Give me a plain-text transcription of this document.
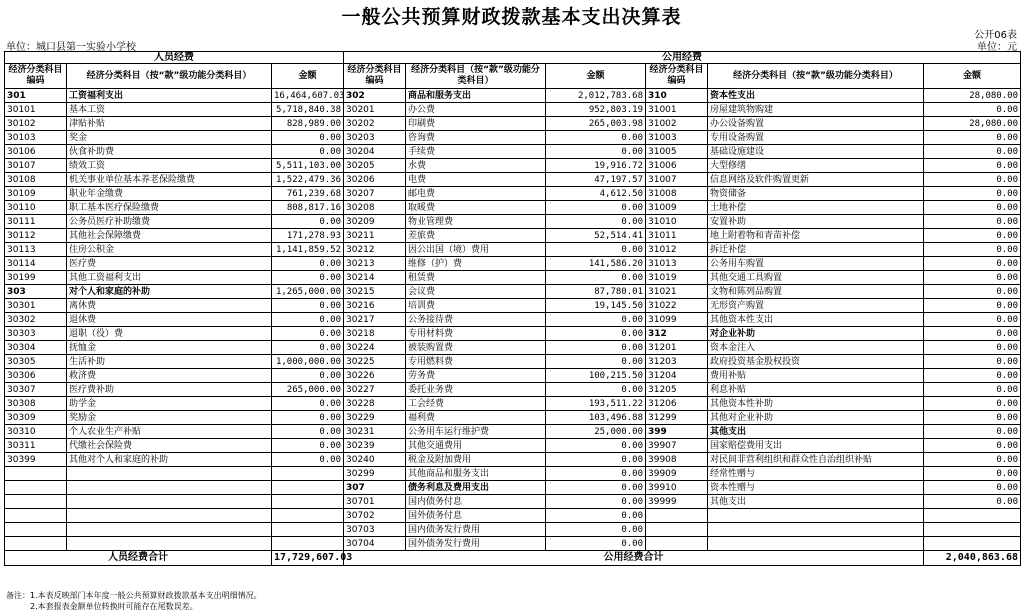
一般公共预算财政拨款基本支出决算表
公开06表
单位：城口县第一实验小学校	单位：元
人员经费			公用经费					
经济分类科目编码	经济分类科目（按“款”级功能分类科目）	金额	经济分类科目编码	经济分类科目（按“款”级功能分类科目）	金额	经济分类科目编码	经济分类科目（按“款”级功能分类科目）	金额
301	工资福利支出	16,464,607.03	302	商品和服务支出	2,012,783.68	310	资本性支出	28,080.00
30101	基本工资	5,718,840.38	30201	办公费	952,803.19	31001	房屋建筑物购建	0.00
30102	津贴补贴	828,989.00	30202	印刷费	265,003.98	31002	办公设备购置	28,080.00
30103	奖金	0.00	30203	咨询费	0.00	31003	专用设备购置	0.00
30106	伙食补助费	0.00	30204	手续费	0.00	31005	基础设施建设	0.00
30107	绩效工资	5,511,103.00	30205	水费	19,916.72	31006	大型修缮	0.00
30108	机关事业单位基本养老保险缴费	1,522,479.36	30206	电费	47,197.57	31007	信息网络及软件购置更新	0.00
30109	职业年金缴费	761,239.68	30207	邮电费	4,612.50	31008	物资储备	0.00
30110	职工基本医疗保险缴费	808,817.16	30208	取暖费	0.00	31009	土地补偿	0.00
30111	公务员医疗补助缴费	0.00	30209	物业管理费	0.00	31010	安置补助	0.00
30112	其他社会保障缴费	171,278.93	30211	差旅费	52,514.41	31011	地上附着物和青苗补偿	0.00
30113	住房公积金	1,141,859.52	30212	因公出国（境）费用	0.00	31012	拆迁补偿	0.00
30114	医疗费	0.00	30213	维修（护）费	141,586.20	31013	公务用车购置	0.00
30199	其他工资福利支出	0.00	30214	租赁费	0.00	31019	其他交通工具购置	0.00
303	对个人和家庭的补助	1,265,000.00	30215	会议费	87,780.01	31021	文物和陈列品购置	0.00
30301	离休费	0.00	30216	培训费	19,145.50	31022	无形资产购置	0.00
30302	退休费	0.00	30217	公务接待费	0.00	31099	其他资本性支出	0.00
30303	退职（役）费	0.00	30218	专用材料费	0.00	312	对企业补助	0.00
30304	抚恤金	0.00	30224	被装购置费	0.00	31201	资本金注入	0.00
30305	生活补助	1,000,000.00	30225	专用燃料费	0.00	31203	政府投资基金股权投资	0.00
30306	救济费	0.00	30226	劳务费	100,215.50	31204	费用补贴	0.00
30307	医疗费补助	265,000.00	30227	委托业务费	0.00	31205	利息补贴	0.00
30308	助学金	0.00	30228	工会经费	193,511.22	31206	其他资本性补助	0.00
30309	奖励金	0.00	30229	福利费	103,496.88	31299	其他对企业补助	0.00
30310	个人农业生产补贴	0.00	30231	公务用车运行维护费	25,000.00	399	其他支出	0.00
30311	代缴社会保险费	0.00	30239	其他交通费用	0.00	39907	国家赔偿费用支出	0.00
30399	其他对个人和家庭的补助	0.00	30240	税金及附加费用	0.00	39908	对民间非营利组织和群众性自治组织补贴	0.00
			30299	其他商品和服务支出	0.00	39909	经常性赠与	0.00
			307	债务利息及费用支出	0.00	39910	资本性赠与	0.00
			30701	国内债务付息	0.00	39999	其他支出	0.00
			30702	国外债务付息	0.00			
			30703	国内债务发行费用	0.00			
			30704	国外债务发行费用	0.00			
人员经费合计		17,729,607.03	公用经费合计					2,040,863.68
备注：1.本表反映部门本年度一般公共预算财政拨款基本支出明细情况。
2.本套报表金额单位转换时可能存在尾数误差。
